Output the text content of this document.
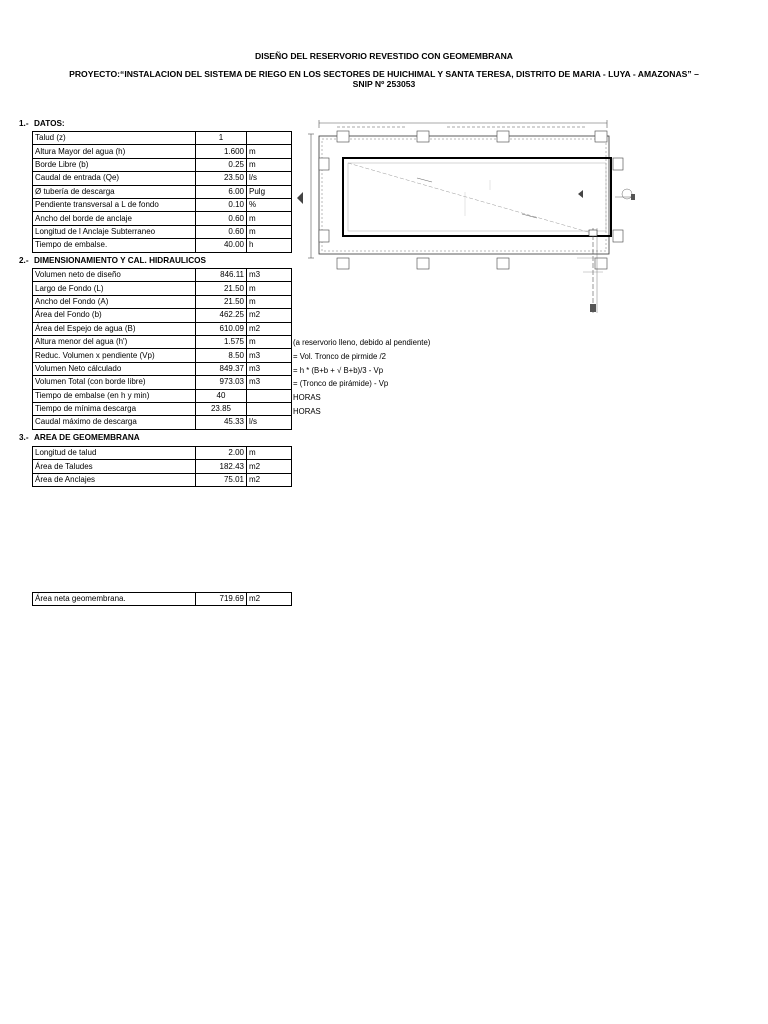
DISEÑO DEL RESERVORIO REVESTIDO CON GEOMEMBRANA
PROYECTO:“INSTALACION DEL SISTEMA DE RIEGO EN LOS SECTORES DE HUICHIMAL Y SANTA TERESA, DISTRITO DE MARIA - LUYA - AMAZONAS” –
SNIP Nº 253053
1.- DATOS:
Talud (z)	1	
Altura Mayor del agua (h)	1.600	m
Borde Libre (b)	0.25	m
Caudal de entrada (Qe)	23.50	l/s
Ø tubería de descarga	6.00	Pulg
Pendiente transversal a L de fondo	0.10	%
Ancho del borde de anclaje	0.60	m
Longitud de l Anclaje Subterraneo	0.60	m
Tiempo de embalse.	40.00	h
2.- DIMENSIONAMIENTO Y CAL. HIDRAULICOS
Volumen neto de diseño	846.11	m3
Largo de Fondo (L)	21.50	m
Ancho del Fondo (A)	21.50	m
Área del Fondo (b)	462.25	m2
Área del Espejo de agua (B)	610.09	m2
Altura menor del agua (h')	1.575	m
Reduc. Volumen x pendiente (Vp)	8.50	m3
Volumen Neto cálculado	849.37	m3
Volumen Total (con borde libre)	973.03	m3
Tiempo de embalse (en h y min)	40	
Tiempo de mínima descarga	23.85	
Caudal máximo de descarga	45.33	l/s
(a reservorio lleno, debido al pendiente)
= Vol. Tronco de pirmide /2
= h * (B+b + √ B+b)/3 - Vp
= (Tronco de pirámide) - Vp
HORAS
HORAS
3.- AREA DE GEOMEMBRANA
Longitud de talud	2.00	m
Área de Taludes	182.43	m2
Área de Anclajes	75.01	m2
Área neta geomembrana.	719.69	m2
